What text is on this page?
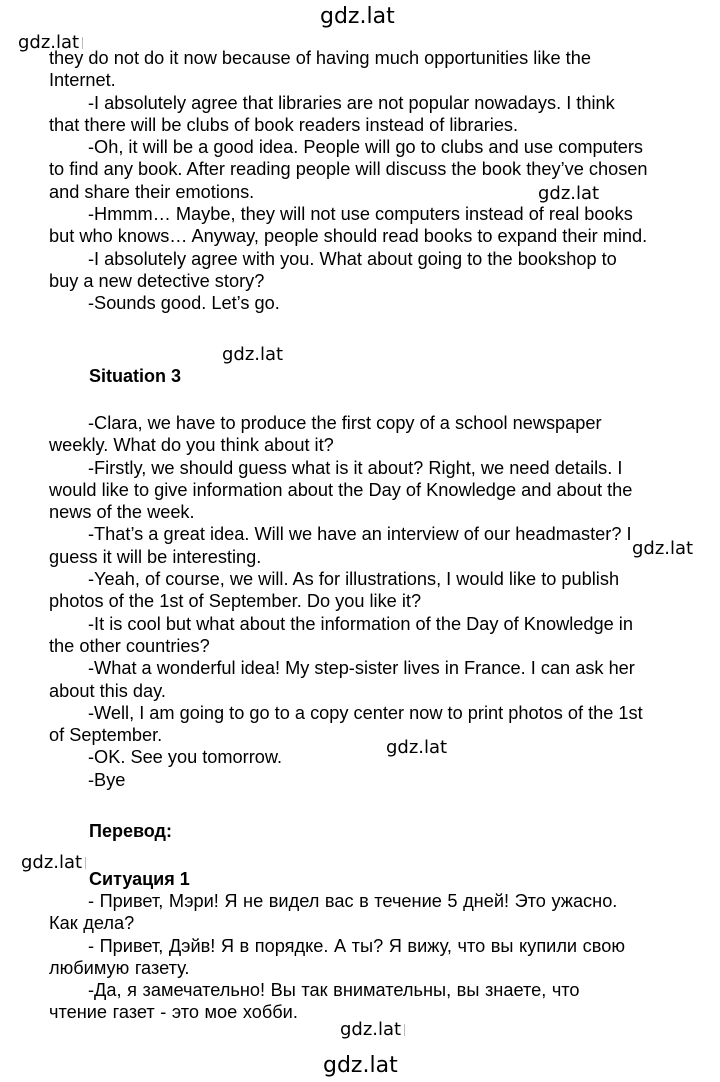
gdz.lat
gdz.lat
gdz.lat
gdz.lat
gdz.lat
gdz.lat
gdz.lat
gdz.lat
gdz.lat

they do not do it now because of having much opportunities like the Internet.

-I absolutely agree that libraries are not popular nowadays. I think that there will be clubs of book readers instead of libraries.

-Oh, it will be a good idea. People will go to clubs and use computers to find any book. After reading people will discuss the book they’ve chosen and share their emotions.

-Hmmm… Maybe, they will not use computers instead of real books but who knows… Anyway, people should read books to expand their mind.

-I absolutely agree with you. What about going to the bookshop to buy a new detective story?

-Sounds good. Let’s go.

Situation 3

-Clara, we have to produce the first copy of a school newspaper weekly. What do you think about it?

-Firstly, we should guess what is it about? Right, we need details. I would like to give information about the Day of Knowledge and about the news of the week.

-That’s a great idea. Will we have an interview of our headmaster? I guess it will be interesting.

-Yeah, of course, we will. As for illustrations, I would like to publish photos of the 1st of September. Do you like it?

-It is cool but what about the information of the Day of Knowledge in the other countries?

-What a wonderful idea! My step-sister lives in France. I can ask her about this day.

-Well, I am going to go to a copy center now to print photos of the 1st of September.

-OK. See you tomorrow.

-Bye

Перевод:
Ситуация 1

- Привет, Мэри! Я не видел вас в течение 5 дней! Это ужасно. Как дела?

- Привет, Дэйв! Я в порядке. А ты? Я вижу, что вы купили свою любимую газету.

-Да, я замечательно! Вы так внимательны, вы знаете, что чтение газет - это мое хобби.
